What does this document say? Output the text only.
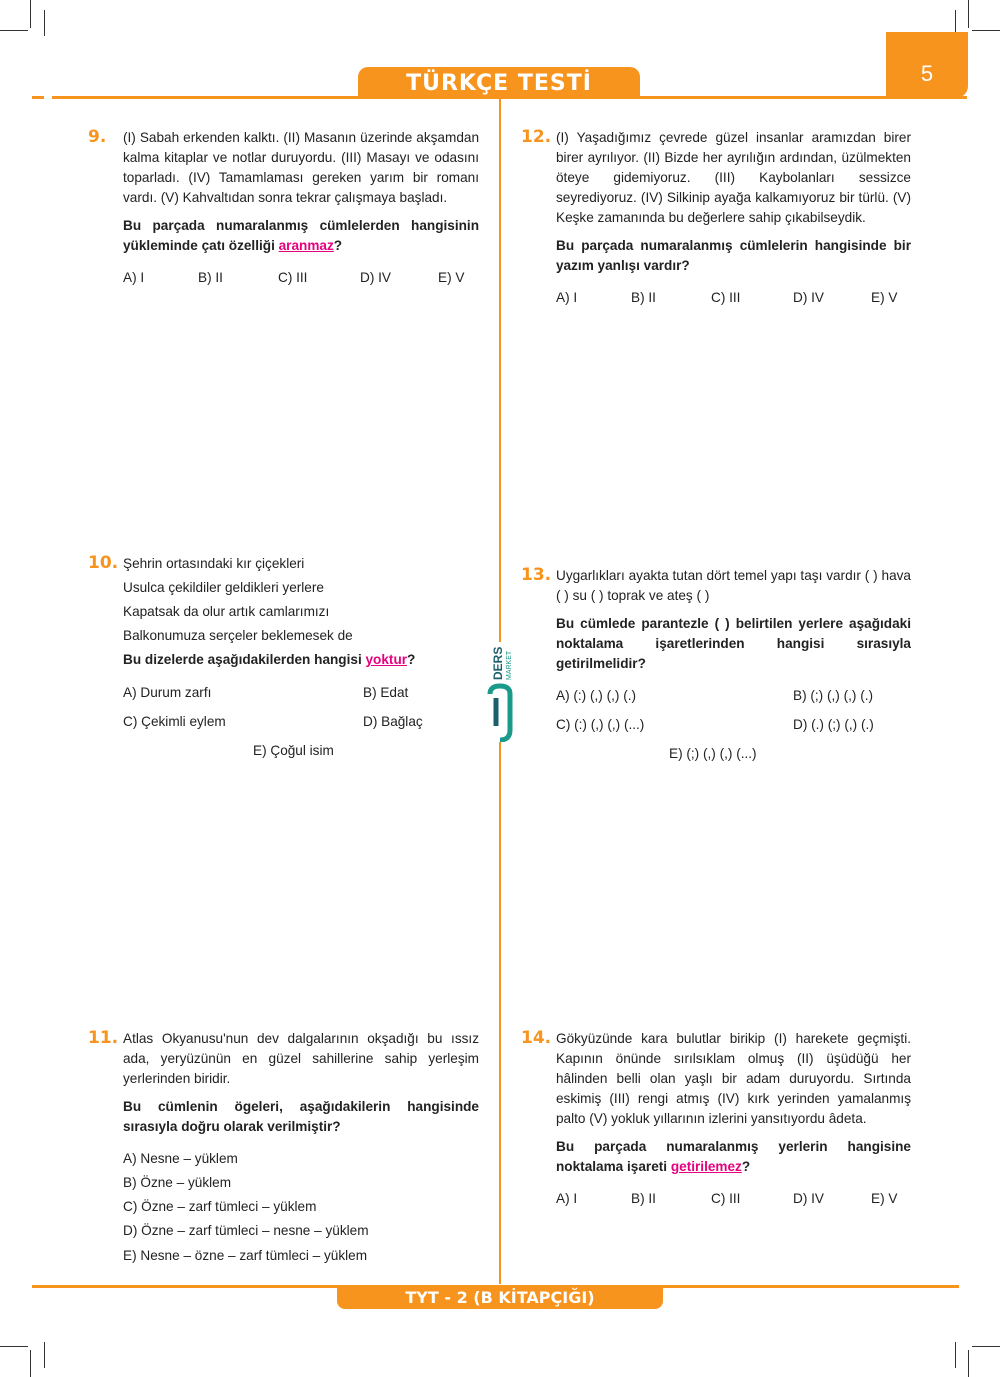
TÜRKÇE TESTİ	5
DERS MARKET
9. (I) Sabah erkenden kalktı. (II) Masanın üzerinde akşamdan kalma kitaplar ve notlar duruyordu. (III) Masayı ve odasını toparladı. (IV) Tamamlaması gereken yarım bir romanı vardı. (V) Kahvaltıdan sonra tekrar çalışmaya başladı.

Bu parçada numaralanmış cümlelerden hangisinin yükleminde çatı özelliği aranmaz?

A) I	B) II	C) III	D) IV	E) V
12. (I) Yaşadığımız çevrede güzel insanlar aramızdan birer birer ayrılıyor. (II) Bizde her ayrılığın ardından, üzülmekten öteye gidemiyoruz. (III) Kaybolanları sessizce seyrediyoruz. (IV) Silkinip ayağa kalkamıyoruz bir türlü. (V) Keşke zamanında bu değerlere sahip çıkabilseydik.

Bu parçada numaralanmış cümlelerin hangisinde bir yazım yanlışı vardır?

A) I	B) II	C) III	D) IV	E) V
10. Şehrin ortasındaki kır çiçekleri
Usulca çekildiler geldikleri yerlere
Kapatsak da olur artık camlarımızı
Balkonumuza serçeler beklemesek de
Bu dizelerde aşağıdakilerden hangisi yoktur?
A) Durum zarfı	B) Edat
C) Çekimli eylem	D) Bağlaç
E) Çoğul isim
13. Uygarlıkları ayakta tutan dört temel yapı taşı vardır ( ) hava ( ) su ( ) toprak ve ateş ( )

Bu cümlede parantezle ( ) belirtilen yerlere aşağıdaki noktalama işaretlerinden hangisi sırasıyla getirilmelidir?

A) (:) (,) (,) (.)	B) (;) (,) (,) (.)
C) (:) (,) (,) (...)	D) (.) (;) (,) (.)
E) (;) (,) (,) (...)
11. Atlas Okyanusu'nun dev dalgalarının okşadığı bu ıssız ada, yeryüzünün en güzel sahillerine sahip yerleşim yerlerinden biridir.

Bu cümlenin ögeleri, aşağıdakilerin hangisinde sırasıyla doğru olarak verilmiştir?

A) Nesne – yüklem
B) Özne – yüklem
C) Özne – zarf tümleci – yüklem
D) Özne – zarf tümleci – nesne – yüklem
E) Nesne – özne – zarf tümleci – yüklem
14. Gökyüzünde kara bulutlar birikip (I) harekete geçmişti. Kapının önünde sırılsıklam olmuş (II) üşüdüğü her hâlinden belli olan yaşlı bir adam duruyordu. Sırtında eskimiş (III) rengi atmış (IV) kırk yerinden yamalanmış palto (V) yokluk yıllarının izlerini yansıtıyordu âdeta.

Bu parçada numaralanmış yerlerin hangisine noktalama işareti getirilemez?

A) I	B) II	C) III	D) IV	E) V
TYT - 2 (B KİTAPÇIĞI)
